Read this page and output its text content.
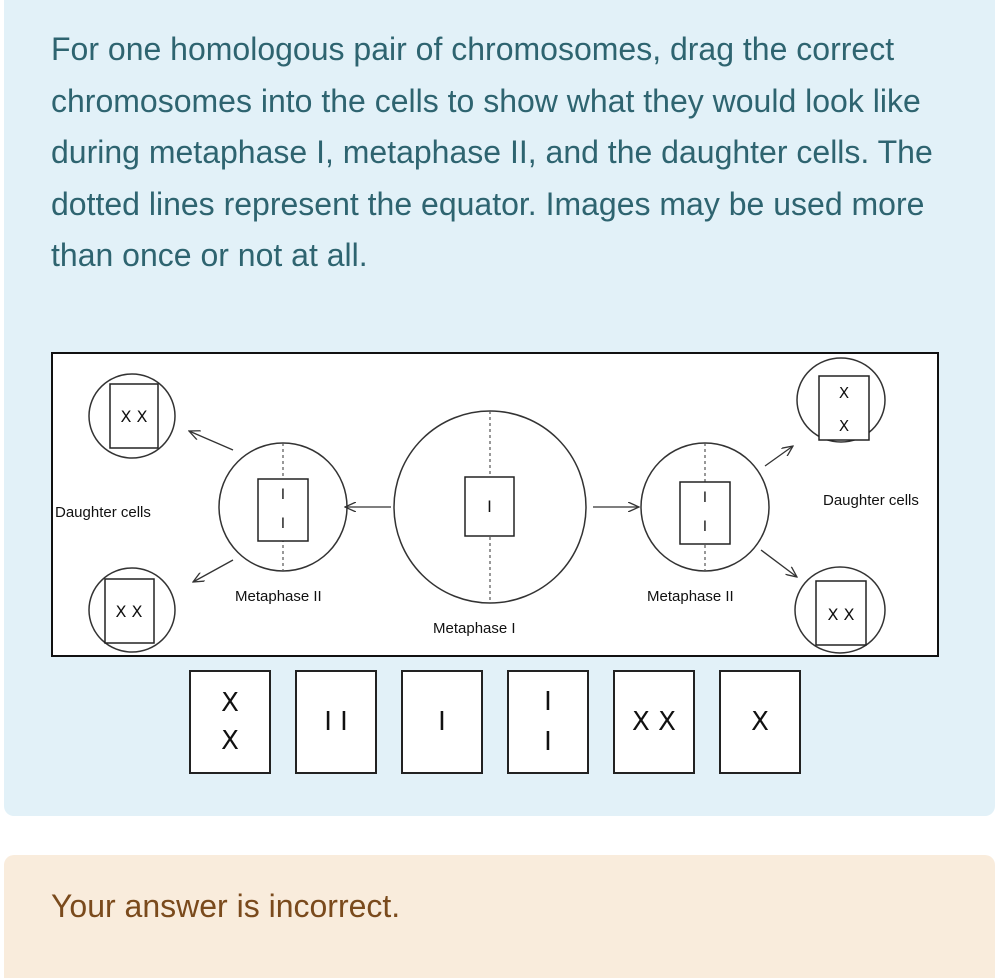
For one homologous pair of chromosomes, drag the correct chromosomes into the cells to show what they would look like during metaphase I, metaphase II, and the daughter cells. The dotted lines represent the equator. Images may be used more than once or not at all.

I
I
I
I
I
X X
X X
X
X
X X
Daughter cells
Daughter cells
Metaphase II	Metaphase II
Metaphase I
X
X
I I	I
I

I
X X	X
Your answer is incorrect.
